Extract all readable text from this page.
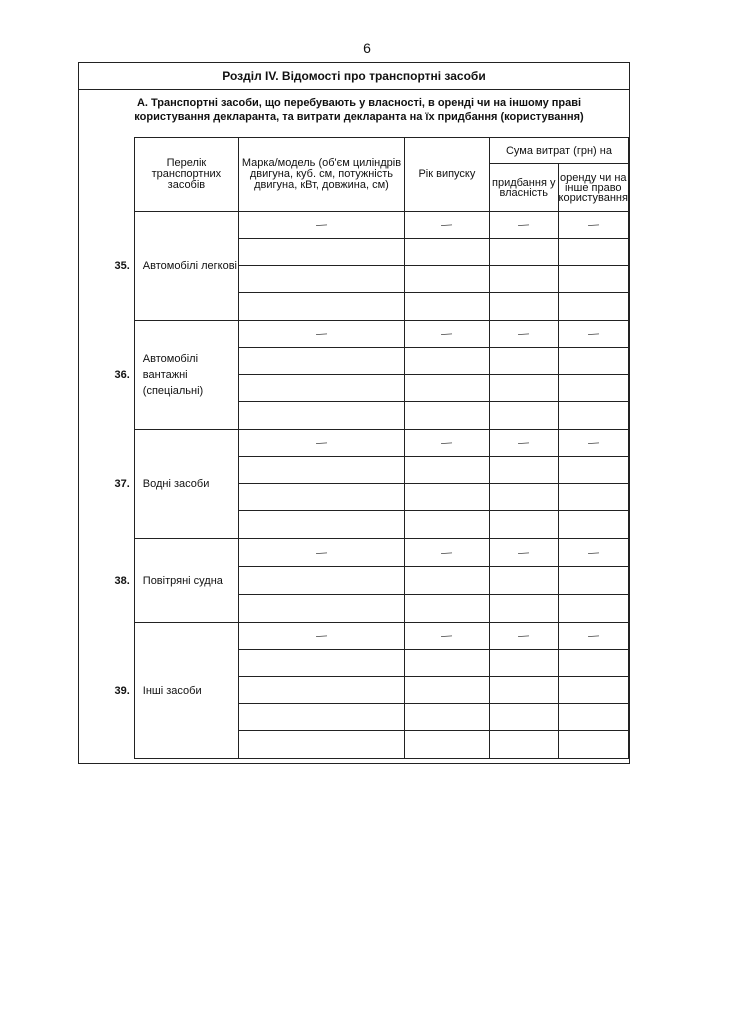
6
Розділ IV. Відомості про транспортні засоби
А. Транспортні засоби, що перебувають у власності, в оренді чи на іншому праві користування декларанта, та витрати декларанта на їх придбання (користування)
	Перелік транспортних засобів	Марка/модель (об'єм циліндрів двигуна, куб. см, потужність двигуна, кВт, довжина, см)	Рік випуску	Сума витрат (грн) на	
				придбання у власність	оренду чи на інше право користування
35.	Автомобілі легкові	—	—	—	—

36.	Автомобілі вантажні (спеціальні)	—	—	—	—

37.	Водні засоби	—	—	—	—

38.	Повітряні судна	—	—	—	—

39.	Інші засоби	—	—	—	—
